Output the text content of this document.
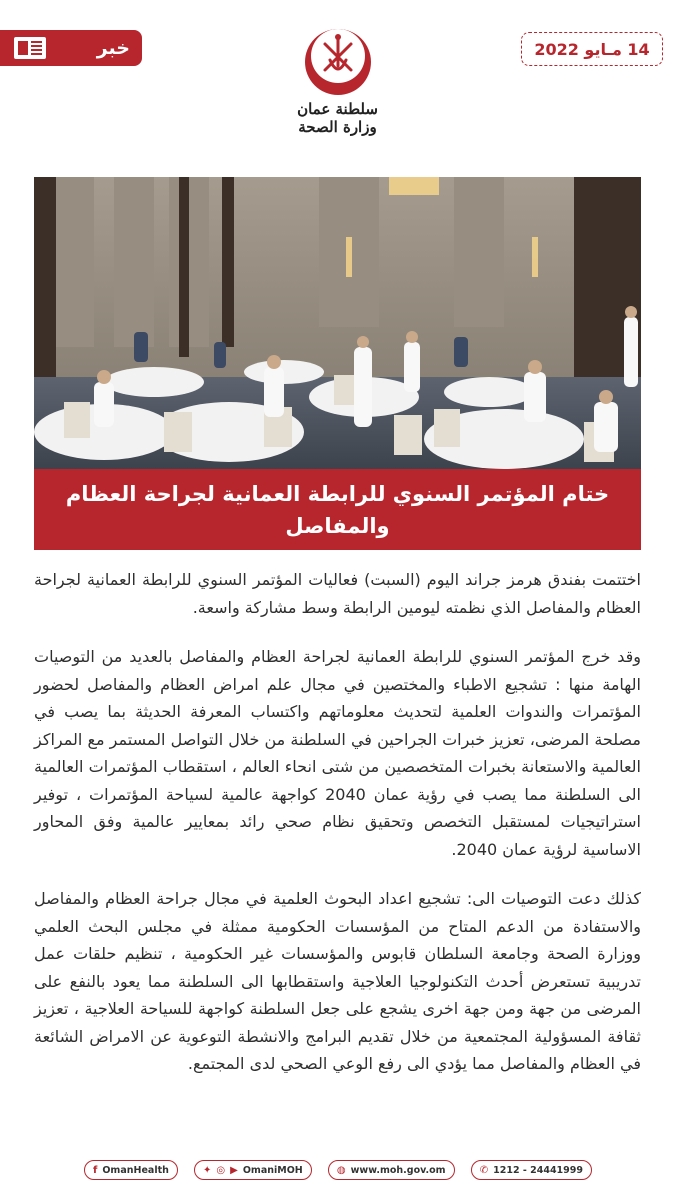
خبر	14 مـايو 2022
سلطنة عمان
وزارة الصحة
ختام المؤتمر السنوي للرابطة العمانية لجراحة العظام والمفاصل

اختتمت بفندق هرمز جراند اليوم (السبت) فعاليات المؤتمر السنوي للرابطة العمانية لجراحة العظام والمفاصل الذي نظمته ليومين الرابطة وسط مشاركة واسعة.

وقد خرج المؤتمر السنوي للرابطة العمانية لجراحة العظام والمفاصل بالعديد من التوصيات الهامة منها : تشجيع الاطباء والمختصين في مجال علم امراض العظام والمفاصل لحضور المؤتمرات والندوات العلمية لتحديث معلوماتهم واكتساب المعرفة الحديثة بما يصب في مصلحة المرضى، تعزيز خبرات الجراحين في السلطنة من خلال التواصل المستمر مع المراكز العالمية والاستعانة بخبرات المتخصصين من شتى انحاء العالم ، استقطاب المؤتمرات العالمية الى السلطنة مما يصب في رؤية عمان 2040 كواجهة عالمية لسياحة المؤتمرات ، توفير استراتيجيات لمستقبل التخصص وتحقيق نظام صحي رائد بمعايير عالمية وفق المحاور الاساسية لرؤية عمان 2040.

كذلك دعت التوصيات الى: تشجيع اعداد البحوث العلمية في مجال جراحة العظام والمفاصل والاستفادة من الدعم المتاح من المؤسسات الحكومية ممثلة في مجلس البحث العلمي ووزارة الصحة وجامعة السلطان قابوس والمؤسسات غير الحكومية ، تنظيم حلقات عمل تدريبية تستعرض أحدث التكنولوجيا العلاجية واستقطابها الى السلطنة مما يعود بالنفع على المرضى من جهة ومن جهة اخرى يشجع على جعل السلطنة كواجهة للسياحة العلاجية ، تعزيز ثقافة المسؤولية المجتمعية من خلال تقديم البرامج والانشطة التوعوية عن الامراض الشائعة في العظام والمفاصل مما يؤدي الى رفع الوعي الصحي لدى المجتمع.

f OmanHealth	✦ ◎ ▶ OmaniMOH	◍ www.moh.gov.om	✆ 1212 - 24441999
